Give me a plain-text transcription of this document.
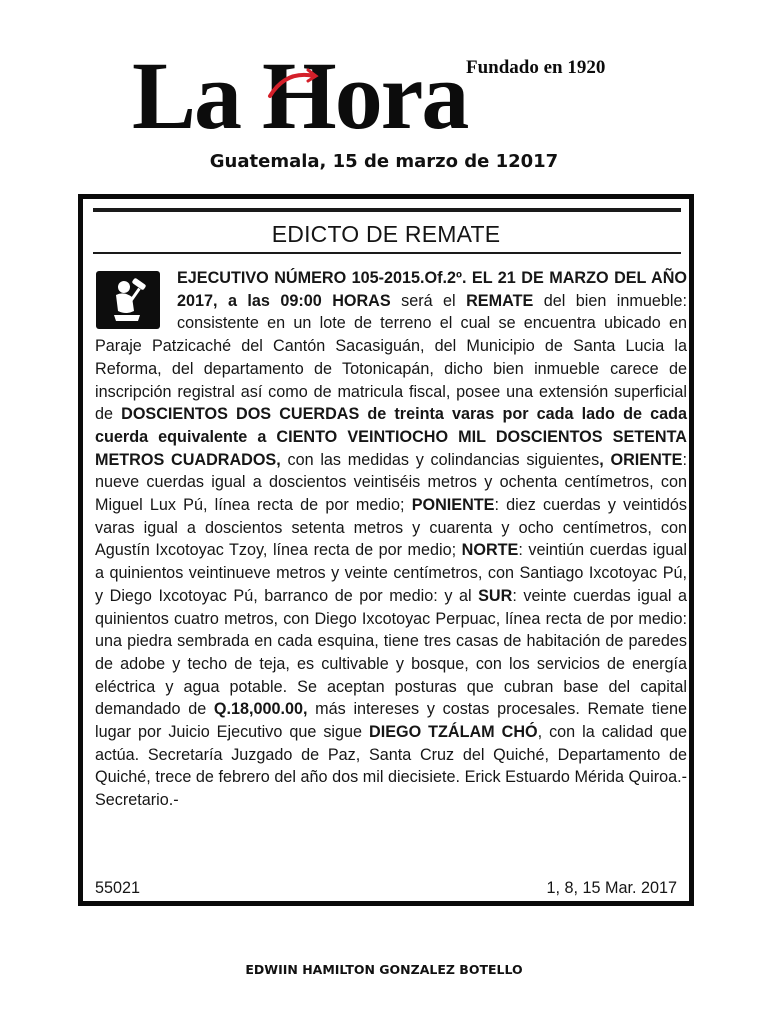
La Hora
Fundado en 1920
Guatemala, 15 de marzo de 12017
EDICTO DE REMATE
EJECUTIVO NÚMERO 105-2015.Of.2º. EL 21 DE MARZO DEL AÑO 2017, a las 09:00 HORAS será el REMATE del bien inmueble: consistente en un lote de terreno el cual se encuentra ubicado en Paraje Patzicaché del Cantón Sacasiguán, del Municipio de Santa Lucia la Reforma, del departamento de Totonicapán, dicho bien inmueble carece de inscripción registral así como de matricula fiscal, posee una extensión superficial de DOSCIENTOS DOS CUERDAS de treinta varas por cada lado de cada cuerda equivalente a CIENTO VEINTIOCHO MIL DOSCIENTOS SETENTA METROS CUADRADOS, con las medidas y colindancias siguientes, ORIENTE: nueve cuerdas igual a doscientos veintiséis metros y ochenta centímetros, con Miguel Lux Pú, línea recta de por medio; PONIENTE: diez cuerdas y veintidós varas igual a doscientos setenta metros y cuarenta y ocho centímetros, con Agustín Ixcotoyac Tzoy, línea recta de por medio; NORTE: veintiún cuerdas igual a quinientos veintinueve metros y veinte centímetros, con Santiago Ixcotoyac Pú, y Diego Ixcotoyac Pú, barranco de por medio: y al SUR: veinte cuerdas igual a quinientos cuatro metros, con Diego Ixcotoyac Perpuac, línea recta de por medio: una piedra sembrada en cada esquina, tiene tres casas de habitación de paredes de adobe y techo de teja, es cultivable y bosque, con los servicios de energía eléctrica y agua potable. Se aceptan posturas que cubran base del capital demandado de Q.18,000.00, más intereses y costas procesales. Remate tiene lugar por Juicio Ejecutivo que sigue DIEGO TZÁLAM CHÓ, con la calidad que actúa. Secretaría Juzgado de Paz, Santa Cruz del Quiché, Departamento de Quiché, trece de febrero del año dos mil diecisiete. Erick Estuardo Mérida Quiroa.- Secretario.-
55021	1, 8, 15 Mar. 2017
EDWIIN HAMILTON GONZALEZ BOTELLO
